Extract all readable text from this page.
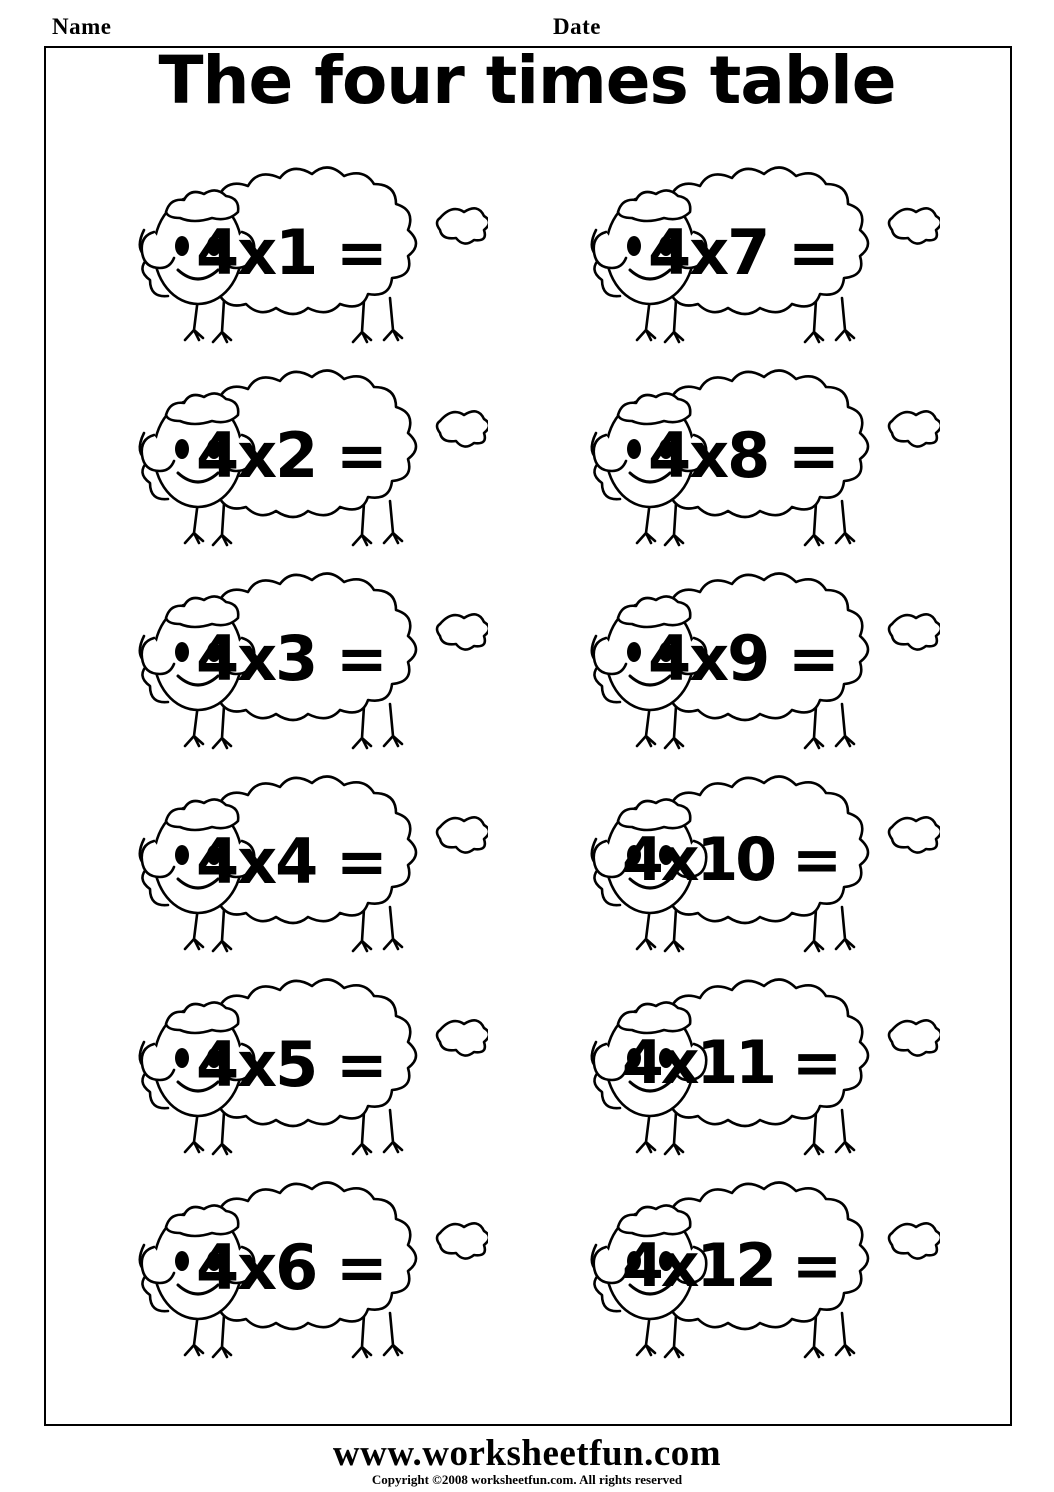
Name	Date
The four times table
4x1 =	4x7 =
4x2 =	4x8 =
4x3 =	4x9 =
4x4 =	4x10 =
4x5 =	4x11 =
4x6 =	4x12 =
www.worksheetfun.com
Copyright ©2008 worksheetfun.com. All rights reserved
